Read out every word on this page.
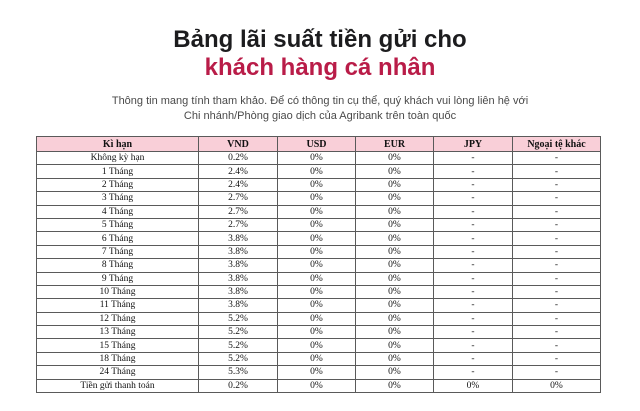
Bảng lãi suất tiền gửi cho
khách hàng cá nhân
Thông tin mang tính tham khảo. Để có thông tin cụ thể, quý khách vui lòng liên hệ với Chi nhánh/Phòng giao dịch của Agribank trên toàn quốc
Kì hạn	VND	USD	EUR	JPY	Ngoại tệ khác
Không kỳ hạn	0.2%	0%	0%	-	-
1 Tháng	2.4%	0%	0%	-	-
2 Tháng	2.4%	0%	0%	-	-
3 Tháng	2.7%	0%	0%	-	-
4 Tháng	2.7%	0%	0%	-	-
5 Tháng	2.7%	0%	0%	-	-
6 Tháng	3.8%	0%	0%	-	-
7 Tháng	3.8%	0%	0%	-	-
8 Tháng	3.8%	0%	0%	-	-
9 Tháng	3.8%	0%	0%	-	-
10 Tháng	3.8%	0%	0%	-	-
11 Tháng	3.8%	0%	0%	-	-
12 Tháng	5.2%	0%	0%	-	-
13 Tháng	5.2%	0%	0%	-	-
15 Tháng	5.2%	0%	0%	-	-
18 Tháng	5.2%	0%	0%	-	-
24 Tháng	5.3%	0%	0%	-	-
Tiền gửi thanh toán	0.2%	0%	0%	0%	0%
